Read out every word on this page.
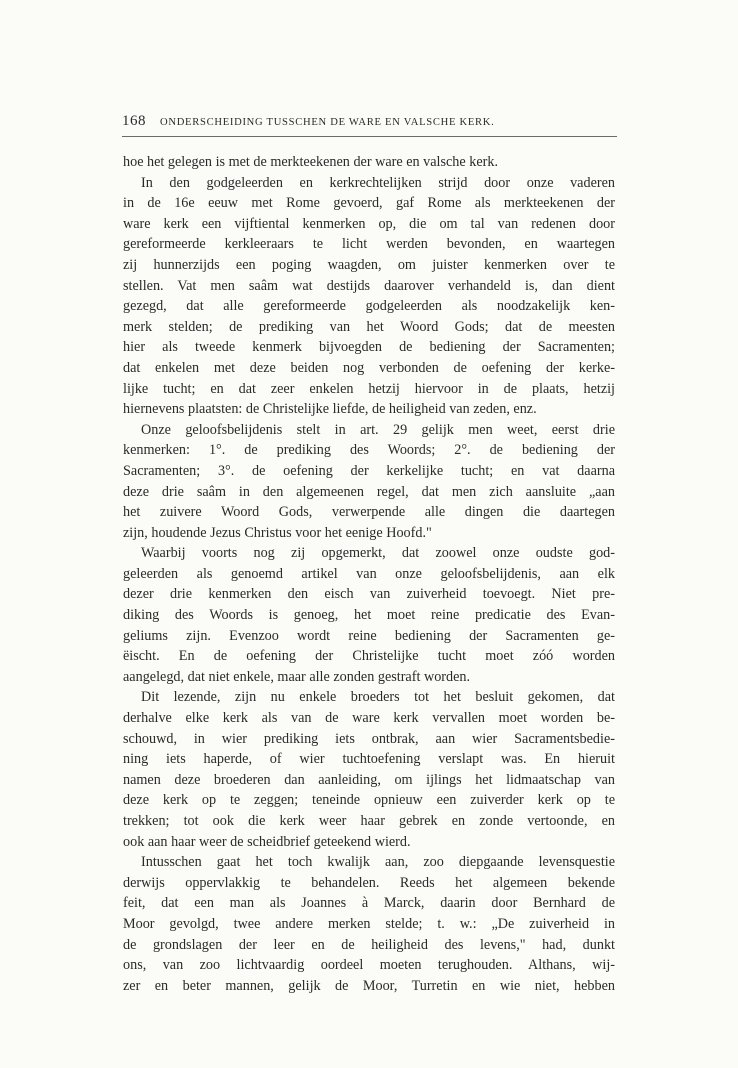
168 ONDERSCHEIDING TUSSCHEN DE WARE EN VALSCHE KERK.
hoe het gelegen is met de merkteekenen der ware en valsche kerk.
In den godgeleerden en kerkrechtelijken strijd door onze vaderen
in de 16e eeuw met Rome gevoerd, gaf Rome als merkteekenen der
ware kerk een vijftiental kenmerken op, die om tal van redenen door
gereformeerde kerkleeraars te licht werden bevonden, en waartegen
zij hunnerzijds een poging waagden, om juister kenmerken over te
stellen. Vat men saâm wat destijds daarover verhandeld is, dan dient
gezegd, dat alle gereformeerde godgeleerden als noodzakelijk ken-
merk stelden; de prediking van het Woord Gods; dat de meesten
hier als tweede kenmerk bijvoegden de bediening der Sacramenten;
dat enkelen met deze beiden nog verbonden de oefening der kerke-
lijke tucht; en dat zeer enkelen hetzij hiervoor in de plaats, hetzij
hiernevens plaatsten: de Christelijke liefde, de heiligheid van zeden, enz.
Onze geloofsbelijdenis stelt in art. 29 gelijk men weet, eerst drie
kenmerken: 1°. de prediking des Woords; 2°. de bediening der
Sacramenten; 3°. de oefening der kerkelijke tucht; en vat daarna
deze drie saâm in den algemeenen regel, dat men zich aansluite „aan
het zuivere Woord Gods, verwerpende alle dingen die daartegen
zijn, houdende Jezus Christus voor het eenige Hoofd."
Waarbij voorts nog zij opgemerkt, dat zoowel onze oudste god-
geleerden als genoemd artikel van onze geloofsbelijdenis, aan elk
dezer drie kenmerken den eisch van zuiverheid toevoegt. Niet pre-
diking des Woords is genoeg, het moet reine predicatie des Evan-
geliums zijn. Evenzoo wordt reine bediening der Sacramenten ge-
ëischt. En de oefening der Christelijke tucht moet zóó worden
aangelegd, dat niet enkele, maar alle zonden gestraft worden.
Dit lezende, zijn nu enkele broeders tot het besluit gekomen, dat
derhalve elke kerk als van de ware kerk vervallen moet worden be-
schouwd, in wier prediking iets ontbrak, aan wier Sacramentsbedie-
ning iets haperde, of wier tuchtoefening verslapt was. En hieruit
namen deze broederen dan aanleiding, om ijlings het lidmaatschap van
deze kerk op te zeggen; teneinde opnieuw een zuiverder kerk op te
trekken; tot ook die kerk weer haar gebrek en zonde vertoonde, en
ook aan haar weer de scheidbrief geteekend wierd.
Intusschen gaat het toch kwalijk aan, zoo diepgaande levensquestie
derwijs oppervlakkig te behandelen. Reeds het algemeen bekende
feit, dat een man als Joannes à Marck, daarin door Bernhard de
Moor gevolgd, twee andere merken stelde; t. w.: „De zuiverheid in
de grondslagen der leer en de heiligheid des levens," had, dunkt
ons, van zoo lichtvaardig oordeel moeten terughouden. Althans, wij-
zer en beter mannen, gelijk de Moor, Turretin en wie niet, hebben
